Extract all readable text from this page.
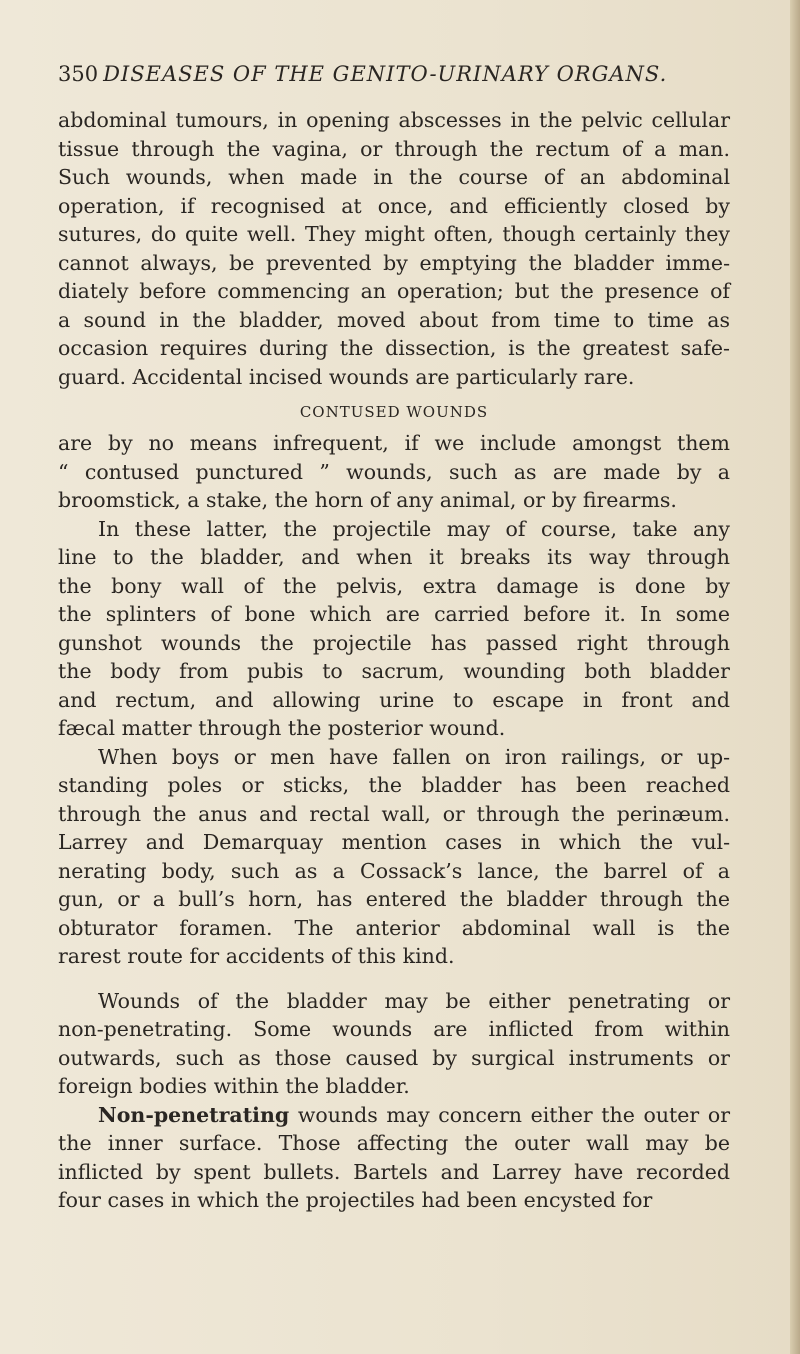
350 DISEASES OF THE GENITO-URINARY ORGANS.
abdominal tumours, in opening abscesses in the pelvic cellular
tissue through the vagina, or through the rectum of a man.
Such wounds, when made in the course of an abdominal
operation, if recognised at once, and efficiently closed by
sutures, do quite well. They might often, though certainly they
cannot always, be prevented by emptying the bladder imme-
diately before commencing an operation; but the presence of
a sound in the bladder, moved about from time to time as
occasion requires during the dissection, is the greatest safe-
guard. Accidental incised wounds are particularly rare.
CONTUSED WOUNDS
are by no means infrequent, if we include amongst them
“ contused punctured ” wounds, such as are made by a
broomstick, a stake, the horn of any animal, or by firearms.
In these latter, the projectile may of course, take any
line to the bladder, and when it breaks its way through
the bony wall of the pelvis, extra damage is done by
the splinters of bone which are carried before it. In some
gunshot wounds the projectile has passed right through
the body from pubis to sacrum, wounding both bladder
and rectum, and allowing urine to escape in front and
fæcal matter through the posterior wound.
When boys or men have fallen on iron railings, or up-
standing poles or sticks, the bladder has been reached
through the anus and rectal wall, or through the perinæum.
Larrey and Demarquay mention cases in which the vul-
nerating body, such as a Cossack’s lance, the barrel of a
gun, or a bull’s horn, has entered the bladder through the
obturator foramen. The anterior abdominal wall is the
rarest route for accidents of this kind.
Wounds of the bladder may be either penetrating or
non-penetrating. Some wounds are inflicted from within
outwards, such as those caused by surgical instruments or
foreign bodies within the bladder.
Non-penetrating wounds may concern either the outer or
the inner surface. Those affecting the outer wall may be
inflicted by spent bullets. Bartels and Larrey have recorded
four cases in which the projectiles had been encysted for
